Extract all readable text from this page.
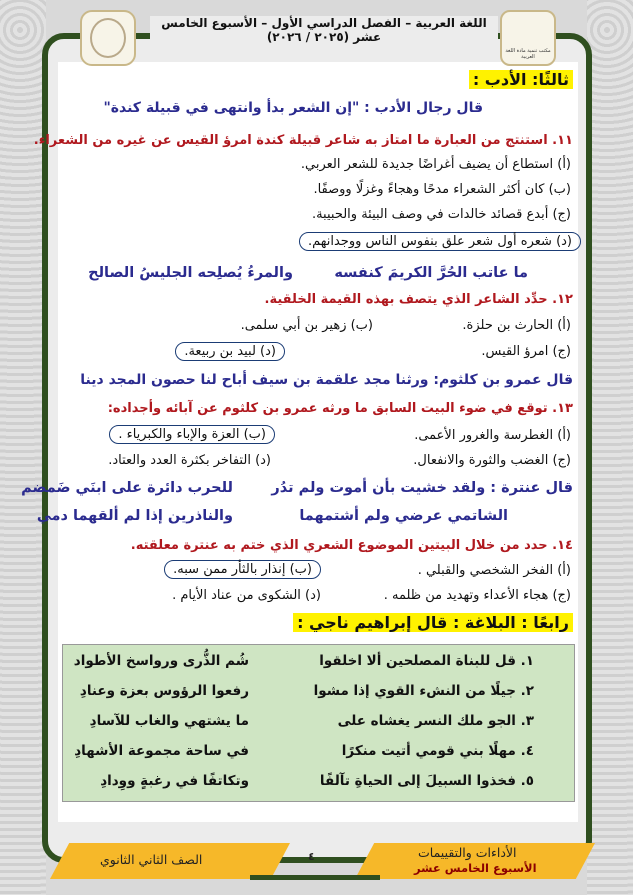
اللغة العربية – الفصل الدراسي الأول – الأسبوع الخامس عشر (٢٠٢٥ / ٢٠٢٦)
مكتب تنمية مادة اللغة العربية
ثالثًا: الأدب :
قال رجال الأدب : "إن الشعر بدأ وانتهى في قبيلة كندة"
١١. استنتج من العبارة ما امتاز به شاعر قبيلة كندة امرؤ القيس عن غيره من الشعراء.
(أ) استطاع أن يضيف أغراضًا جديدة للشعر العربي.
(ب) كان أكثر الشعراء مدحًا وهجاءً وغزلًا ووصفًا.
(ج) أبدع قصائد خالدات في وصف البيئة والحبيبة.
(د) شعره أول شعر علق بنفوس الناس ووجدانهم.
ما عاتب الحُرَّ الكريمَ كنفسه
والمرءُ يُصلِحه الجليسُ الصالح
١٢. حدِّد الشاعر الذي يتصف بهذه القيمة الخلقية.
(أ) الحارث بن حلزة.
(ب) زهير بن أبي سلمى.
(ج) امرؤ القيس.
(د) لبيد بن ربيعة.
قال عمرو بن كلثوم: ورثنا مجد علقمة بن سيف أباح لنا حصون المجد دينا
١٣. توقع في ضوء البيت السابق ما ورثه عمرو بن كلثوم عن آبائه وأجداده:
(أ) الغطرسة والغرور الأعمى.
(ب) العزة والإباء والكبرياء .
(ج) الغضب والثورة والانفعال.
(د) التفاخر بكثرة العدد والعتاد.
قال عنترة : ولقد خشيت بأن أموت ولم تدُر
للحرب دائرة على ابنَي ضَمضم
الشاتمي عرضي ولم أشتمهما
والناذرين إذا لم ألقهما دمي
١٤. حدد من خلال البيتين الموضوع الشعري الذي ختم به عنترة معلقته.
(أ) الفخر الشخصي والقبلي .
(ب) إنذار بالثأر ممن سبه.
(ج) هجاء الأعداء وتهديد من ظلمه .
(د) الشكوى من عناد الأيام .
رابعًا : البلاغة : قال إبراهيم ناجي :
١. قل للبناة المصلحين ألا اخلقوا
شُم الذُّرى ورواسخ الأطواد
٢. جيلًا من النشء القوي إذا مشوا
رفعوا الرؤوس بعزة وعنادِ
٣. الجو ملك النسر يغشاه على
ما يشتهي والغاب للآسادِ
٤. مهلًا بني قومي أتيت منكرًا
في ساحة مجموعة الأشهادِ
٥. فخذوا السبيلَ إلى الحياةِ تآلفًا
وتكاتفًا في رغبةٍ ووِدادِ
الصف الثاني الثانوي	٤	الأداءات والتقييمات
الأسبوع الخامس عشر
